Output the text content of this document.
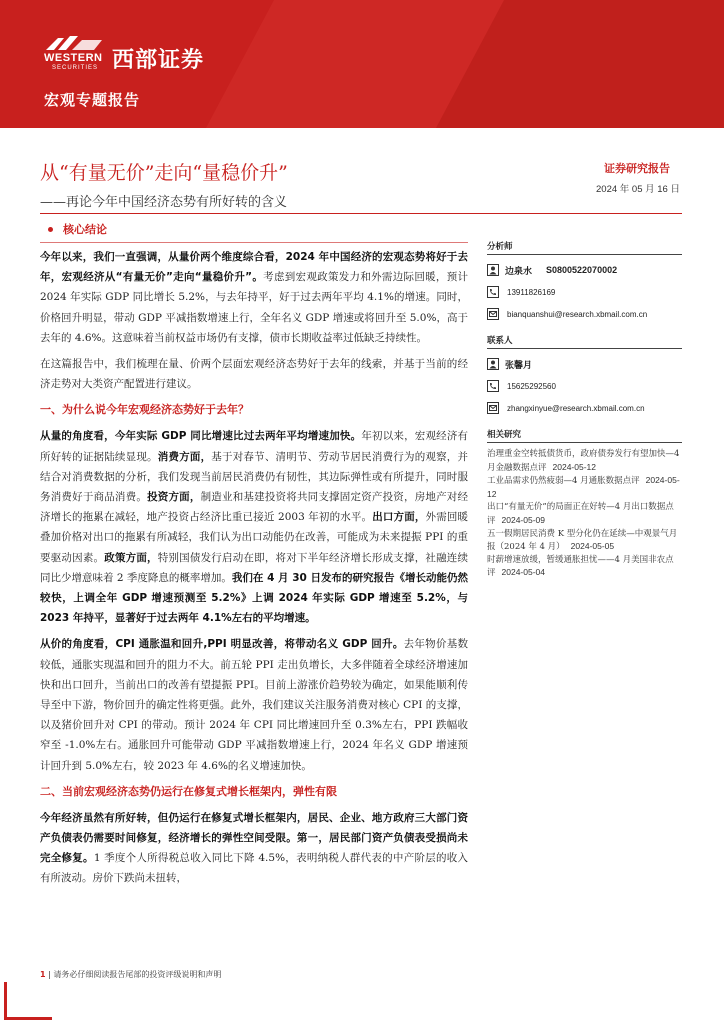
WESTERN
SECURITIES 西部证券
宏观专题报告
从“有量无价”走向“量稳价升”
——再论今年中国经济态势有所好转的含义
证券研究报告
2024 年 05 月 16 日
核心结论

今年以来，我们一直强调，从量价两个维度综合看，2024 年中国经济的宏观态势将好于去年，宏观经济从“有量无价”走向“量稳价升”。考虑到宏观政策发力和外需边际回暖，预计 2024 年实际 GDP 同比增长 5.2%，与去年持平，好于过去两年平均 4.1%的增速。同时，价格回升明显，带动 GDP 平减指数增速上行，全年名义 GDP 增速或将回升至 5.0%，高于去年的 4.6%。这意味着当前权益市场仍有支撑，债市长期收益率过低缺乏持续性。

在这篇报告中，我们梳理在量、价两个层面宏观经济态势好于去年的线索，并基于当前的经济走势对大类资产配置进行建议。

一、为什么说今年宏观经济态势好于去年？

从量的角度看，今年实际 GDP 同比增速比过去两年平均增速加快。年初以来，宏观经济有所好转的证据陆续显现。消费方面，基于对春节、清明节、劳动节居民消费行为的观察，并结合对消费数据的分析，我们发现当前居民消费仍有韧性，其边际弹性或有所提升，同时服务消费好于商品消费。投资方面，制造业和基建投资将共同支撑固定资产投资，房地产对经济增长的拖累在减轻，地产投资占经济比重已接近 2003 年初的水平。出口方面，外需回暖叠加价格对出口的拖累有所减轻，我们认为出口动能仍在改善，可能成为未来提振 PPI 的重要驱动因素。政策方面，特别国债发行启动在即，将对下半年经济增长形成支撑，社融连续同比少增意味着 2 季度降息的概率增加。我们在 4 月 30 日发布的研究报告《增长动能仍然较快，上调全年 GDP 增速预测至 5.2%》上调 2024 年实际 GDP 增速至 5.2%，与 2023 年持平，显著好于过去两年 4.1%左右的平均增速。

从价的角度看，CPI 通胀温和回升,PPI 明显改善，将带动名义 GDP 回升。去年物价基数较低，通胀实现温和回升的阻力不大。前五轮 PPI 走出负增长，大多伴随着全球经济增速加快和出口回升，当前出口的改善有望提振 PPI。目前上游涨价趋势较为确定，如果能顺利传导至中下游，物价回升的确定性将更强。此外，我们建议关注服务消费对核心 CPI 的支撑，以及猪价回升对 CPI 的带动。预计 2024 年 CPI 同比增速回升至 0.3%左右，PPI 跌幅收窄至 -1.0%左右。通胀回升可能带动 GDP 平减指数增速上行，2024 年名义 GDP 增速预计回升到 5.0%左右，较 2023 年 4.6%的名义增速加快。

二、当前宏观经济态势仍运行在修复式增长框架内，弹性有限

今年经济虽然有所好转，但仍运行在修复式增长框架内，居民、企业、地方政府三大部门资产负债表仍需要时间修复，经济增长的弹性空间受限。第一，居民部门资产负债表受损尚未完全修复。1 季度个人所得税总收入同比下降 4.5%，表明纳税人群代表的中产阶层的收入有所波动。房价下跌尚未扭转，

分析师
边泉水 S0800522070002
13911826169
bianquanshui@research.xbmail.com.cn
联系人
张馨月
15625292560
zhangxinyue@research.xbmail.com.cn
相关研究
治理重金空转抵债货币，政府债券发行有望加快—4 月金融数据点评 2024-05-12
工业品需求仍然疲弱—4 月通胀数据点评 2024-05-12
出口“有量无价”的局面正在好转—4 月出口数据点评 2024-05-09
五一假期居民消费 K 型分化仍在延续—中观景气月报（2024 年 4 月） 2024-05-05
时薪增速放缓，暂缓通胀担忧——4 月美国非农点评 2024-05-04
1 | 请务必仔细阅读报告尾部的投资评级说明和声明
